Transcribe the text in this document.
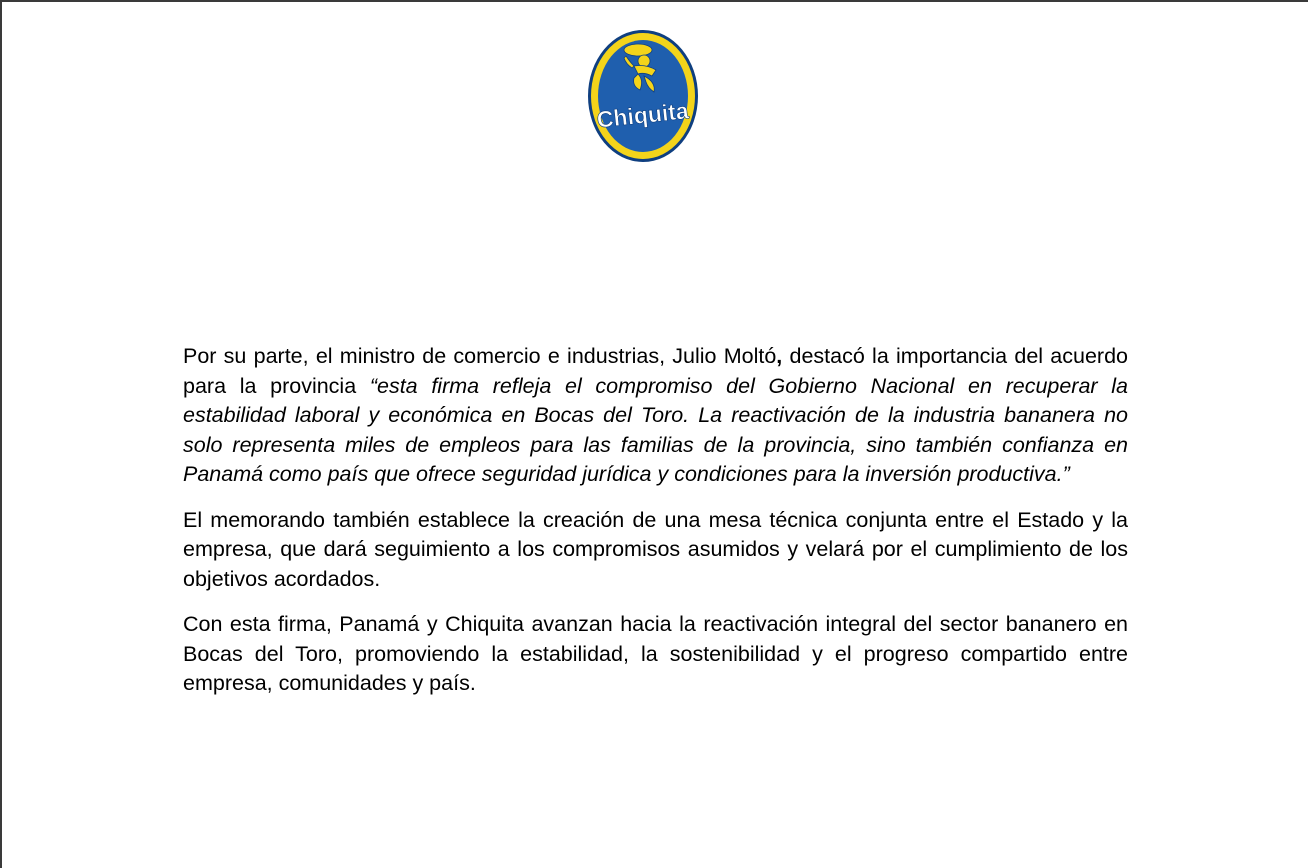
Chiquita

Por su parte, el ministro de comercio e industrias, Julio Moltó, destacó la importancia del acuerdo para la provincia “esta firma refleja el compromiso del Gobierno Nacional en recuperar la estabilidad laboral y económica en Bocas del Toro. La reactivación de la industria bananera no solo representa miles de empleos para las familias de la provincia, sino también confianza en Panamá como país que ofrece seguridad jurídica y condiciones para la inversión productiva.”

El memorando también establece la creación de una mesa técnica conjunta entre el Estado y la empresa, que dará seguimiento a los compromisos asumidos y velará por el cumplimiento de los objetivos acordados.

Con esta firma, Panamá y Chiquita avanzan hacia la reactivación integral del sector bananero en Bocas del Toro, promoviendo la estabilidad, la sostenibilidad y el progreso compartido entre empresa, comunidades y país.
